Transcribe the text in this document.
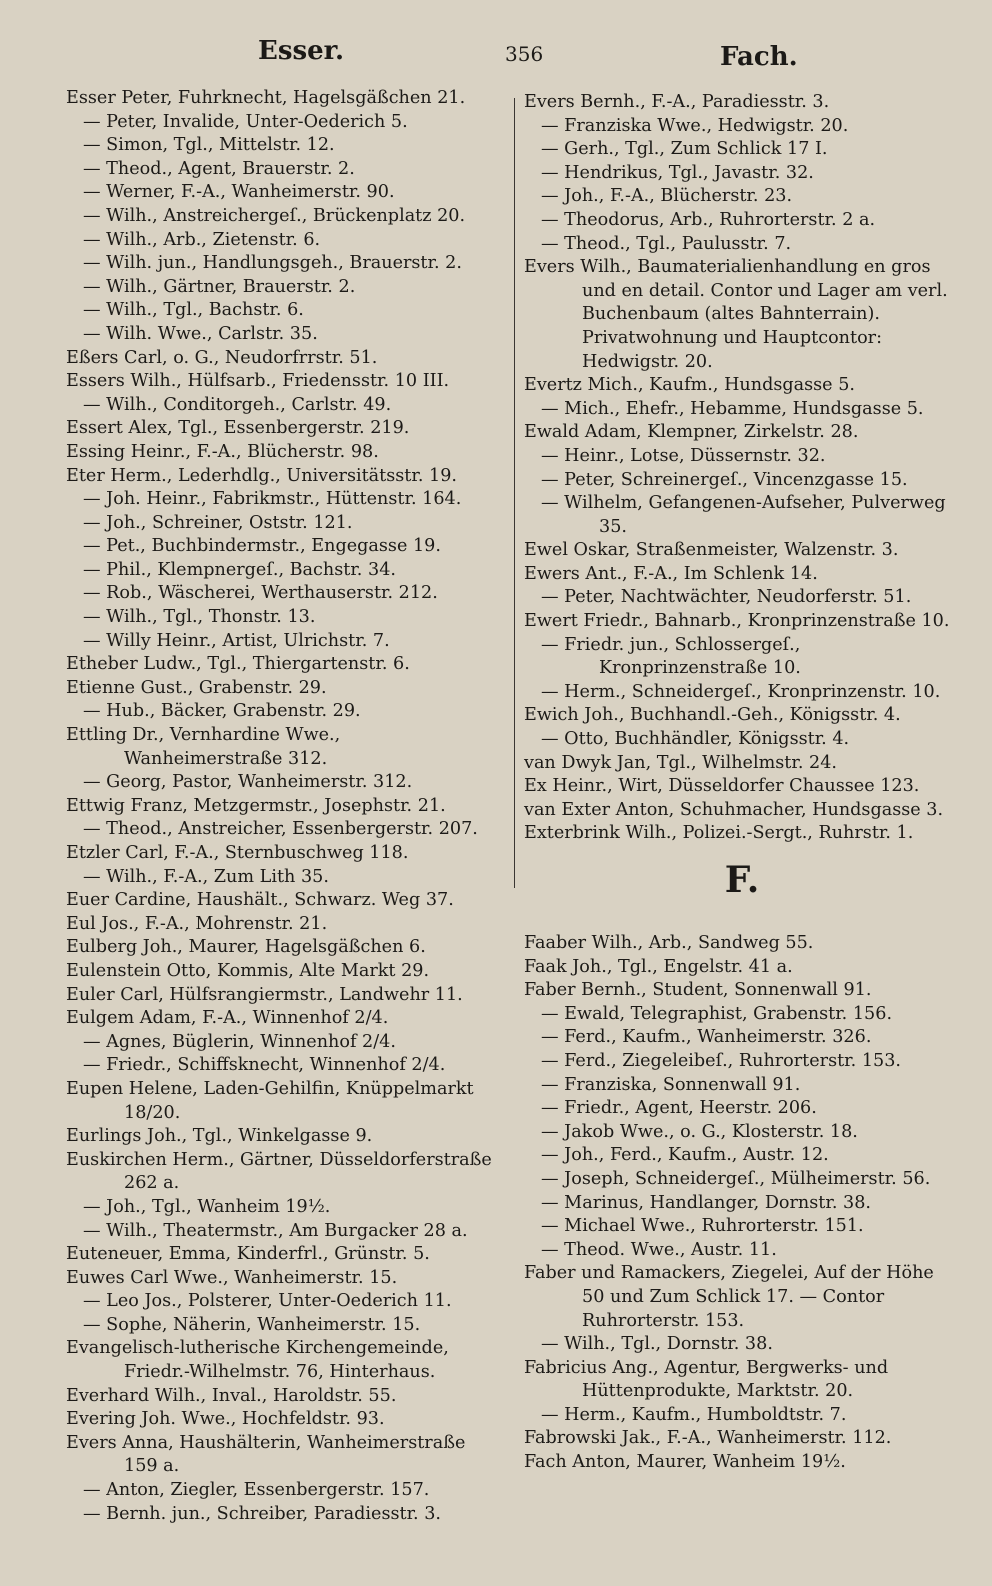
Esser.	356	Fach.

Esser Peter, Fuhrknecht, Hagelsgäßchen 21.

— Peter, Invalide, Unter-Oederich 5.

— Simon, Tgl., Mittelstr. 12.

— Theod., Agent, Brauerstr. 2.

— Werner, F.-A., Wanheimerstr. 90.

— Wilh., Anstreichergeſ., Brückenplatz 20.

— Wilh., Arb., Zietenstr. 6.

— Wilh. jun., Handlungsgeh., Brauerstr. 2.

— Wilh., Gärtner, Brauerstr. 2.

— Wilh., Tgl., Bachstr. 6.

— Wilh. Wwe., Carlstr. 35.

Eßers Carl, o. G., Neudorfrrstr. 51.

Essers Wilh., Hülfsarb., Friedensstr. 10 III.

— Wilh., Conditorgeh., Carlstr. 49.

Essert Alex, Tgl., Essenbergerstr. 219.

Essing Heinr., F.-A., Blücherstr. 98.

Eter Herm., Lederhdlg., Universitätsstr. 19.

— Joh. Heinr., Fabrikmstr., Hüttenstr. 164.

— Joh., Schreiner, Oststr. 121.

— Pet., Buchbindermstr., Engegasse 19.

— Phil., Klempnergeſ., Bachstr. 34.

— Rob., Wäscherei, Werthauserstr. 212.

— Wilh., Tgl., Thonstr. 13.

— Willy Heinr., Artist, Ulrichstr. 7.

Etheber Ludw., Tgl., Thiergartenstr. 6.

Etienne Gust., Grabenstr. 29.

— Hub., Bäcker, Grabenstr. 29.

Ettling Dr., Vernhardine Wwe., Wanheimerstraße 312.

— Georg, Pastor, Wanheimerstr. 312.

Ettwig Franz, Metzgermstr., Josephstr. 21.

— Theod., Anstreicher, Essenbergerstr. 207.

Etzler Carl, F.-A., Sternbuschweg 118.

— Wilh., F.-A., Zum Lith 35.

Euer Cardine, Haushält., Schwarz. Weg 37.

Eul Jos., F.-A., Mohrenstr. 21.

Eulberg Joh., Maurer, Hagelsgäßchen 6.

Eulenstein Otto, Kommis, Alte Markt 29.

Euler Carl, Hülfsrangiermstr., Landwehr 11.

Eulgem Adam, F.-A., Winnenhof 2/4.

— Agnes, Büglerin, Winnenhof 2/4.

— Friedr., Schiffsknecht, Winnenhof 2/4.

Eupen Helene, Laden-Gehilfin, Knüppelmarkt 18/20.

Eurlings Joh., Tgl., Winkelgasse 9.

Euskirchen Herm., Gärtner, Düsseldorferstraße 262 a.

— Joh., Tgl., Wanheim 19½.

— Wilh., Theatermstr., Am Burgacker 28 a.

Euteneuer, Emma, Kinderfrl., Grünstr. 5.

Euwes Carl Wwe., Wanheimerstr. 15.

— Leo Jos., Polsterer, Unter-Oederich 11.

— Sophe, Näherin, Wanheimerstr. 15.

Evangelisch-lutherische Kirchengemeinde, Friedr.-Wilhelmstr. 76, Hinterhaus.

Everhard Wilh., Inval., Haroldstr. 55.

Evering Joh. Wwe., Hochfeldstr. 93.

Evers Anna, Haushälterin, Wanheimerstraße 159 a.

— Anton, Ziegler, Essenbergerstr. 157.

— Bernh. jun., Schreiber, Paradiesstr. 3.

Evers Bernh., F.-A., Paradiesstr. 3.

— Franziska Wwe., Hedwigstr. 20.

— Gerh., Tgl., Zum Schlick 17 I.

— Hendrikus, Tgl., Javastr. 32.

— Joh., F.-A., Blücherstr. 23.

— Theodorus, Arb., Ruhrorterstr. 2 a.

— Theod., Tgl., Paulusstr. 7.

Evers Wilh., Baumaterialienhandlung en gros und en detail. Contor und Lager am verl. Buchenbaum (altes Bahnterrain). Privatwohnung und Hauptcontor: Hedwigstr. 20.

Evertz Mich., Kaufm., Hundsgasse 5.

— Mich., Ehefr., Hebamme, Hundsgasse 5.

Ewald Adam, Klempner, Zirkelstr. 28.

— Heinr., Lotse, Düssernstr. 32.

— Peter, Schreinergeſ., Vincenzgasse 15.

— Wilhelm, Gefangenen-Aufseher, Pulverweg 35.

Ewel Oskar, Straßenmeister, Walzenstr. 3.

Ewers Ant., F.-A., Im Schlenk 14.

— Peter, Nachtwächter, Neudorferstr. 51.

Ewert Friedr., Bahnarb., Kronprinzenstraße 10.

— Friedr. jun., Schlossergeſ., Kronprinzenstraße 10.

— Herm., Schneidergeſ., Kronprinzenstr. 10.

Ewich Joh., Buchhandl.-Geh., Königsstr. 4.

— Otto, Buchhändler, Königsstr. 4.

van Dwyk Jan, Tgl., Wilhelmstr. 24.

Ex Heinr., Wirt, Düsseldorfer Chaussee 123.

van Exter Anton, Schuhmacher, Hundsgasse 3.

Exterbrink Wilh., Polizei.-Sergt., Ruhrstr. 1.

F.

Faaber Wilh., Arb., Sandweg 55.

Faak Joh., Tgl., Engelstr. 41 a.

Faber Bernh., Student, Sonnenwall 91.

— Ewald, Telegraphist, Grabenstr. 156.

— Ferd., Kaufm., Wanheimerstr. 326.

— Ferd., Ziegeleibeſ., Ruhrorterstr. 153.

— Franziska, Sonnenwall 91.

— Friedr., Agent, Heerstr. 206.

— Jakob Wwe., o. G., Klosterstr. 18.

— Joh., Ferd., Kaufm., Austr. 12.

— Joseph, Schneidergeſ., Mülheimerstr. 56.

— Marinus, Handlanger, Dornstr. 38.

— Michael Wwe., Ruhrorterstr. 151.

— Theod. Wwe., Austr. 11.

Faber und Ramackers, Ziegelei, Auf der Höhe 50 und Zum Schlick 17. — Contor Ruhrorterstr. 153.

— Wilh., Tgl., Dornstr. 38.

Fabricius Ang., Agentur, Bergwerks- und Hüttenprodukte, Marktstr. 20.

— Herm., Kaufm., Humboldtstr. 7.

Fabrowski Jak., F.-A., Wanheimerstr. 112.

Fach Anton, Maurer, Wanheim 19½.
